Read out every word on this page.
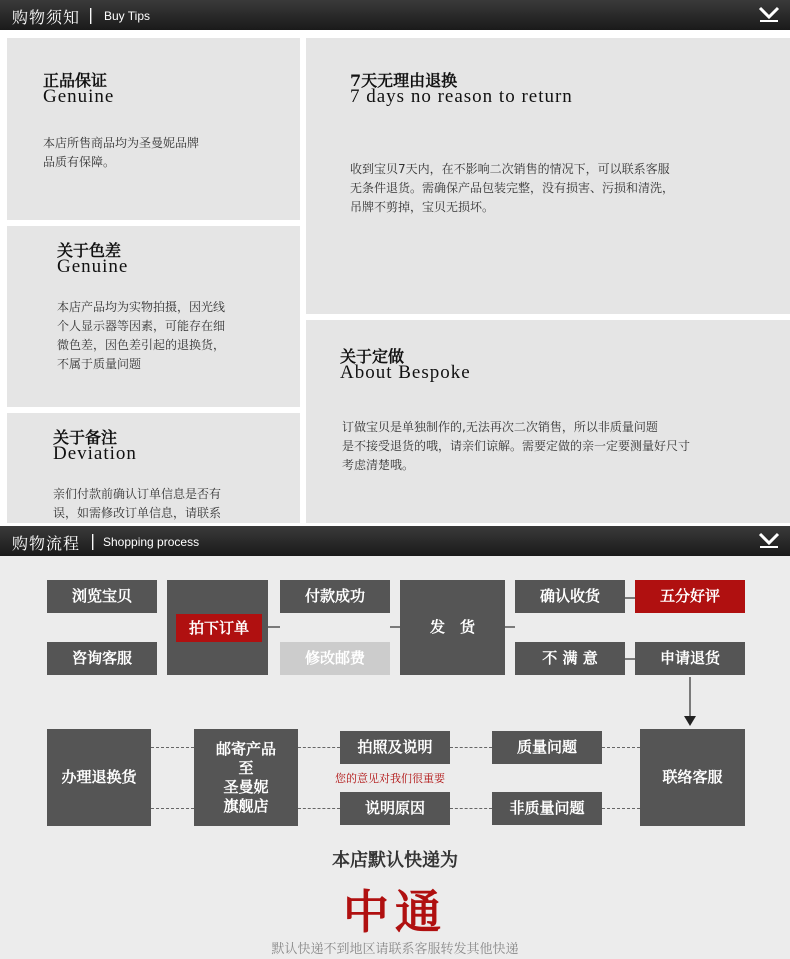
购物须知 | Buy Tips
正品保证
Genuine
本店所售商品均为圣曼妮品牌
品质有保障。
关于色差
Genuine
本店产品均为实物拍摄，因光线
个人显示器等因素，可能存在细
微色差，因色差引起的退换货，
不属于质量问题
关于备注
Deviation
亲们付款前确认订单信息是否有
误，如需修改订单信息，请联系
7天无理由退换
7 days no reason to return
收到宝贝7天内，在不影响二次销售的情况下，可以联系客服
无条件退货。需确保产品包装完整，没有损害、污损和清洗，
吊牌不剪掉，宝贝无损坏。
关于定做
About Bespoke
订做宝贝是单独制作的,无法再次二次销售，所以非质量问题
是不接受退货的哦，请亲们谅解。需要定做的亲一定要测量好尺寸
考虑清楚哦。
购物流程 | Shopping process
浏览宝贝
咨询客服
拍下订单
付款成功
修改邮费
发　货
确认收货	五分好评
不 满 意	申请退货
办理退换货
邮寄产品
至
圣曼妮
旗舰店
拍照及说明
说明原因
质量问题
非质量问题
联络客服
您的意见对我们很重要
本店默认快递为
中通
默认快递不到地区请联系客服转发其他快递
